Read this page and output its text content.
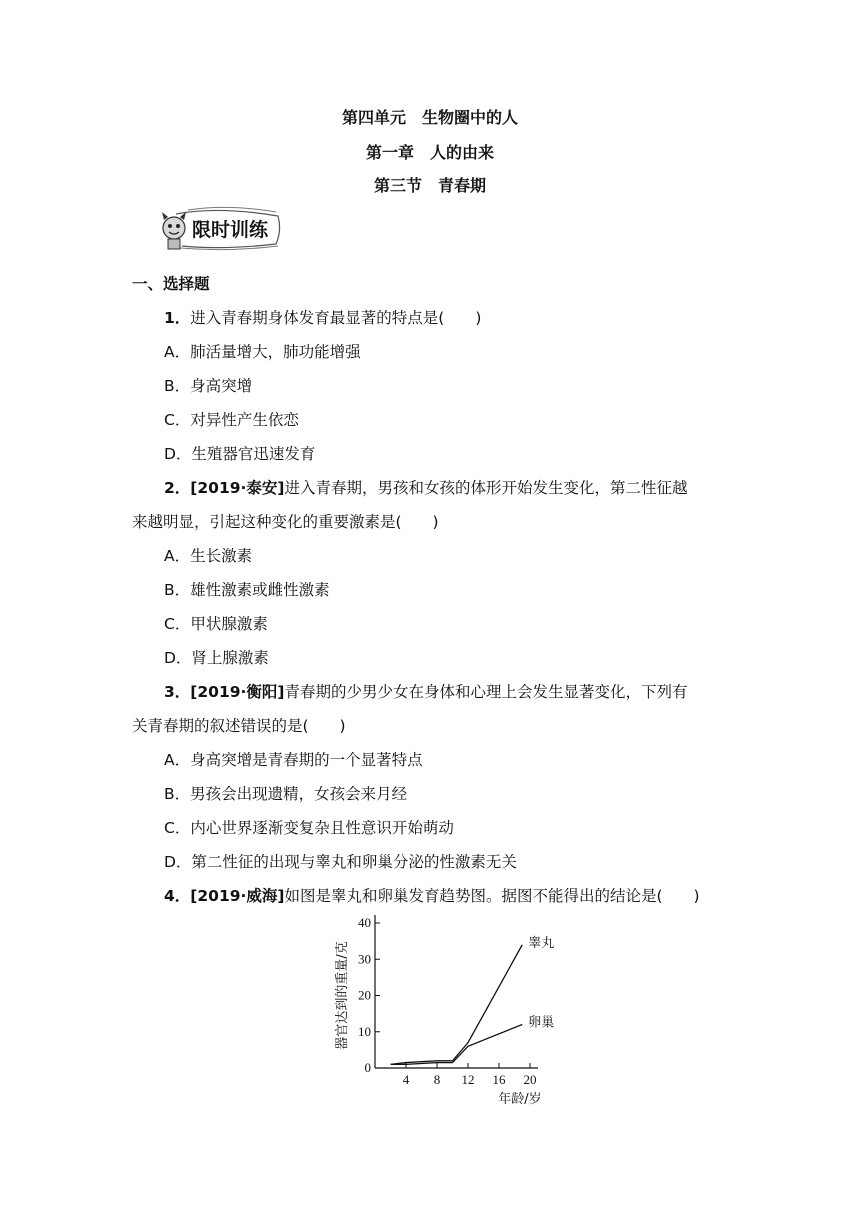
第四单元　生物圈中的人
第一章　人的由来
第三节　青春期
限时训练
一、选择题
1．进入青春期身体发育最显著的特点是(　　)
A．肺活量增大，肺功能增强
B．身高突增
C．对异性产生依恋
D．生殖器官迅速发育
2．[2019·泰安]进入青春期，男孩和女孩的体形开始发生变化，第二性征越
来越明显，引起这种变化的重要激素是(　　)
A．生长激素
B．雄性激素或雌性激素
C．甲状腺激素
D．肾上腺激素
3．[2019·衡阳]青春期的少男少女在身体和心理上会发生显著变化，下列有
关青春期的叙述错误的是(　　)
A．身高突增是青春期的一个显著特点
B．男孩会出现遗精，女孩会来月经
C．内心世界逐渐变复杂且性意识开始萌动
D．第二性征的出现与睾丸和卵巢分泌的性激素无关
4．[2019·威海]如图是睾丸和卵巢发育趋势图。据图不能得出的结论是(　　)
0
10
20
30
40
4 8 12 16 20
睾丸
卵巢
器官达到的重量/克
年龄/岁
